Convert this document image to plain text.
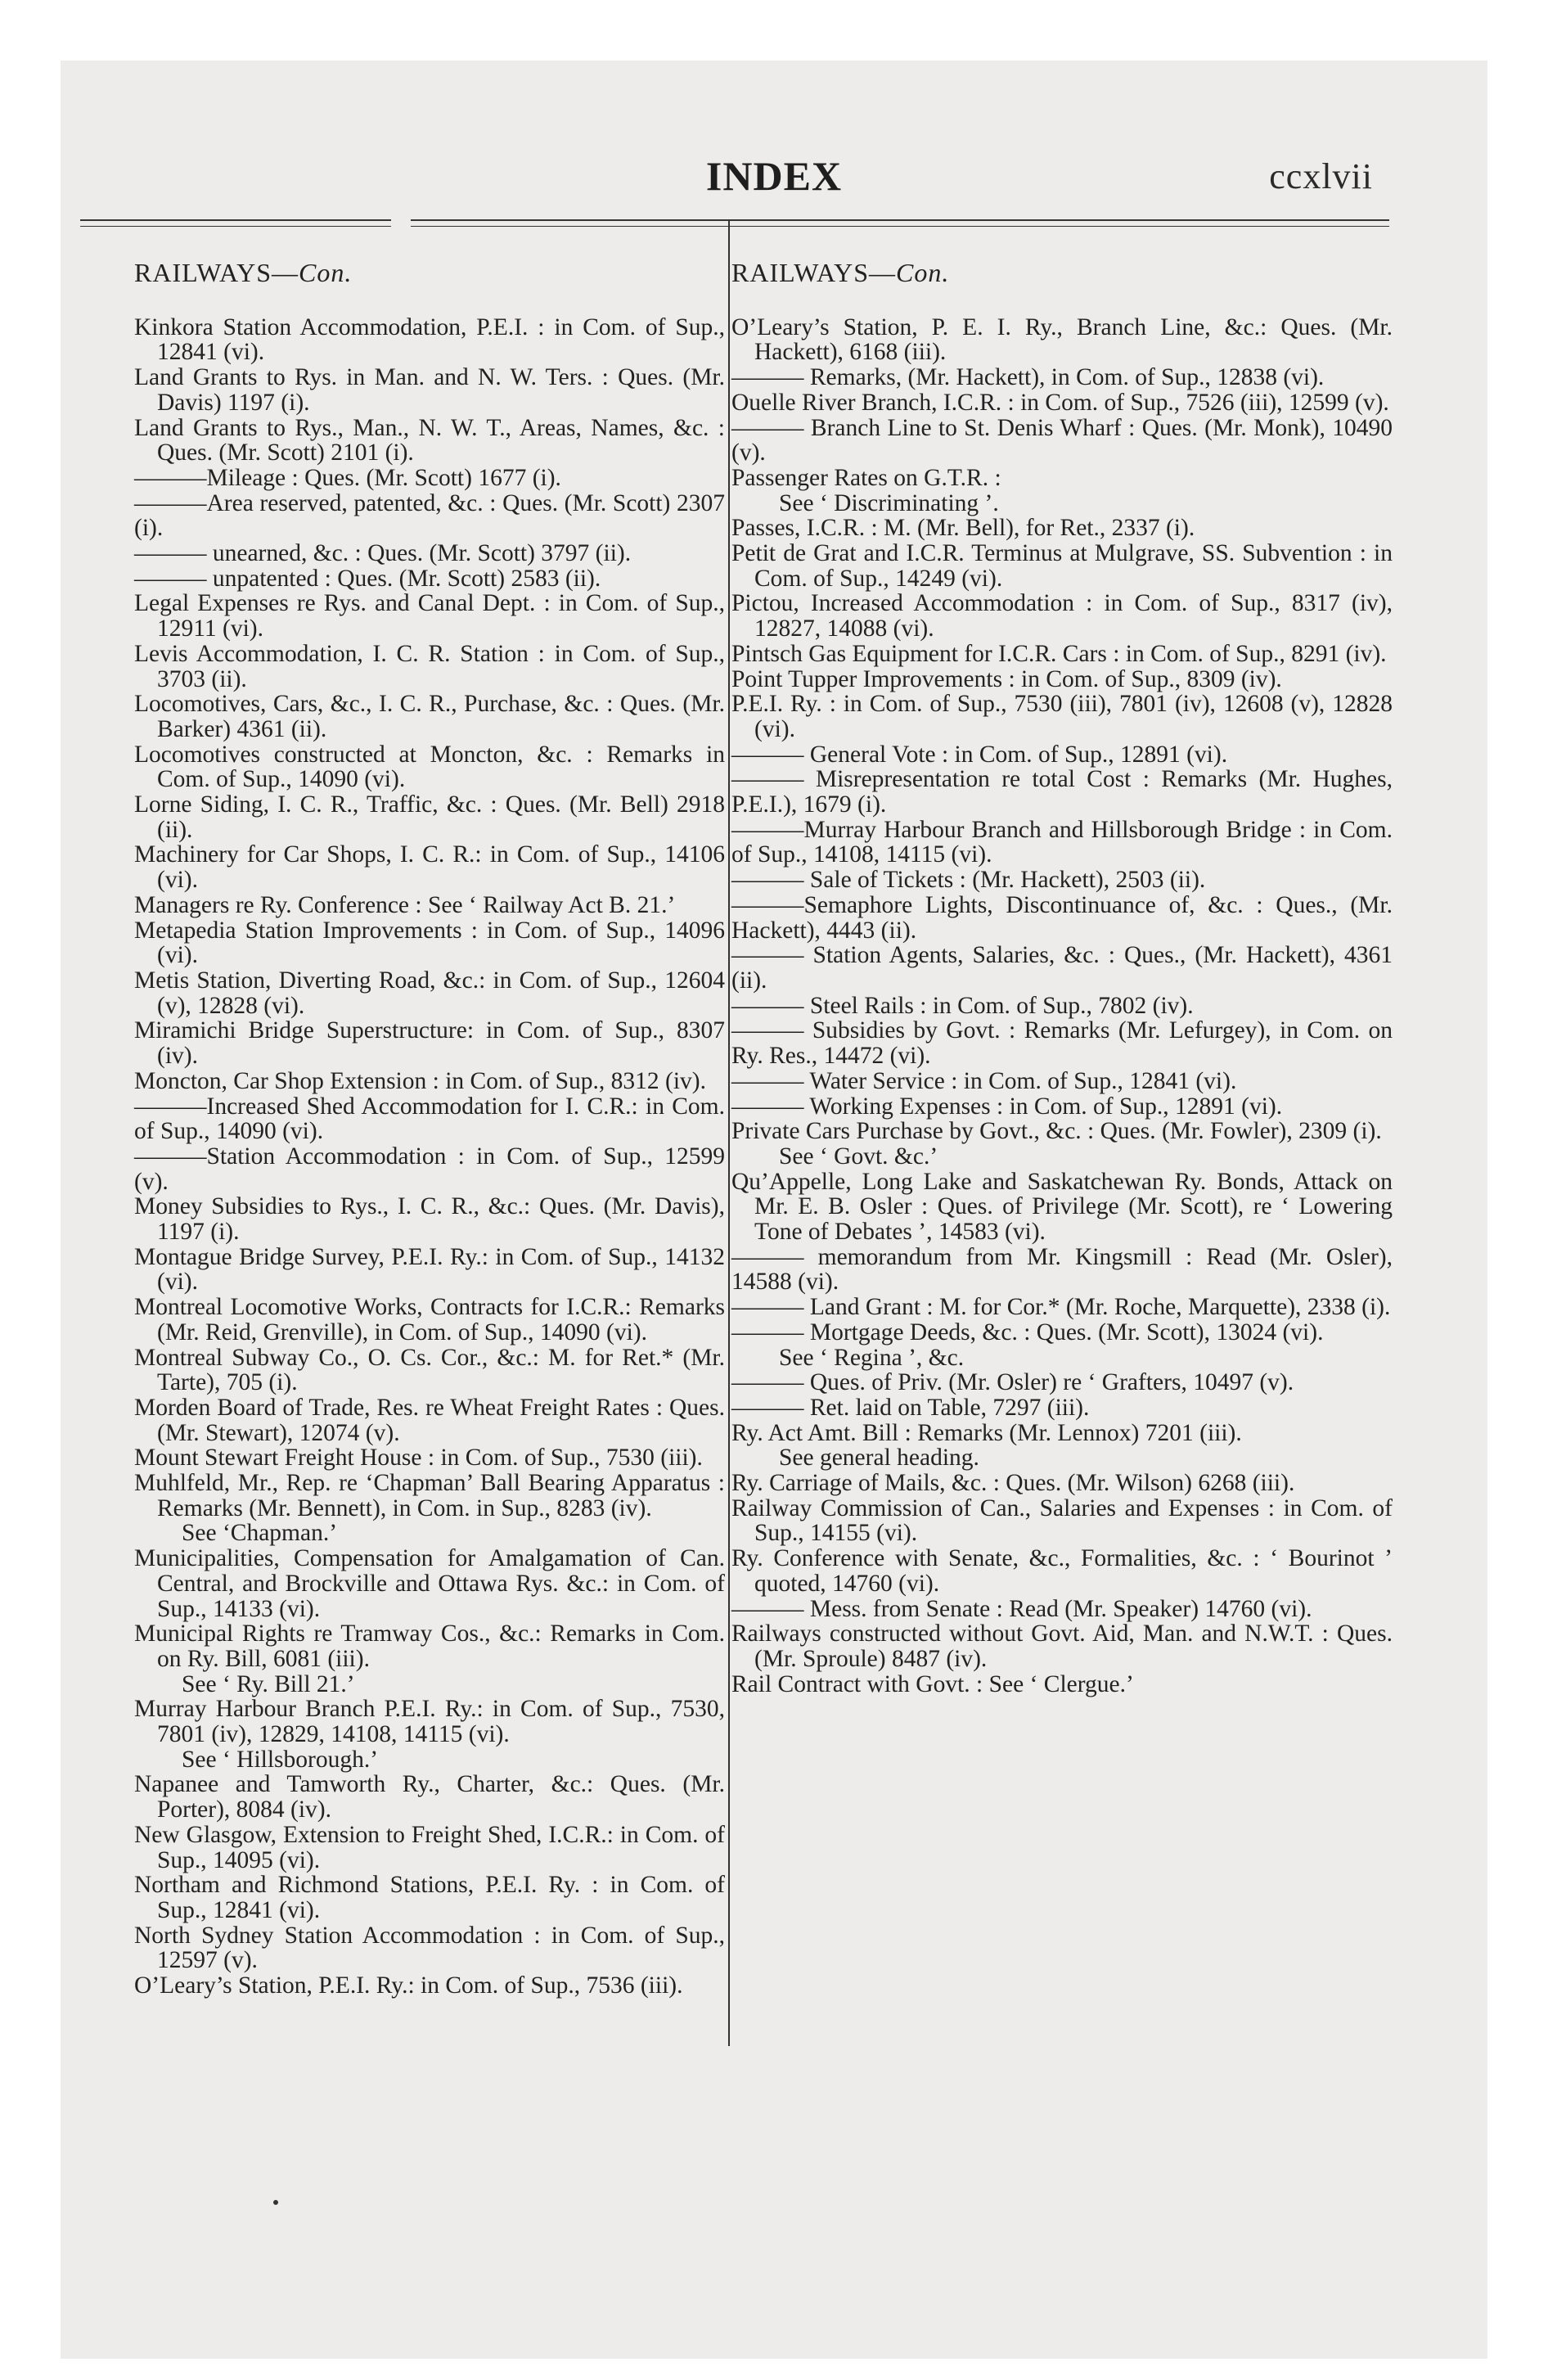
INDEX	ccxlvii
RAILWAYS—Con.
Kinkora Station Accommodation, P.E.I. : in Com. of Sup., 12841 (vi).
Land Grants to Rys. in Man. and N. W. Ters. : Ques. (Mr. Davis) 1197 (i).
Land Grants to Rys., Man., N. W. T., Areas, Names, &c. : Ques. (Mr. Scott) 2101 (i).
———Mileage : Ques. (Mr. Scott) 1677 (i).
———Area reserved, patented, &c. : Ques. (Mr. Scott) 2307 (i).
——— unearned, &c. : Ques. (Mr. Scott) 3797 (ii).
——— unpatented : Ques. (Mr. Scott) 2583 (ii).
Legal Expenses re Rys. and Canal Dept. : in Com. of Sup., 12911 (vi).
Levis Accommodation, I. C. R. Station : in Com. of Sup., 3703 (ii).
Locomotives, Cars, &c., I. C. R., Purchase, &c. : Ques. (Mr. Barker) 4361 (ii).
Locomotives constructed at Moncton, &c. : Remarks in Com. of Sup., 14090 (vi).
Lorne Siding, I. C. R., Traffic, &c. : Ques. (Mr. Bell) 2918 (ii).
Machinery for Car Shops, I. C. R.: in Com. of Sup., 14106 (vi).
Managers re Ry. Conference : See ‘ Railway Act B. 21.’
Metapedia Station Improvements : in Com. of Sup., 14096 (vi).
Metis Station, Diverting Road, &c.: in Com. of Sup., 12604 (v), 12828 (vi).
Miramichi Bridge Superstructure: in Com. of Sup., 8307 (iv).
Moncton, Car Shop Extension : in Com. of Sup., 8312 (iv).
———Increased Shed Accommodation for I. C.R.: in Com. of Sup., 14090 (vi).
———Station Accommodation : in Com. of Sup., 12599 (v).
Money Subsidies to Rys., I. C. R., &c.: Ques. (Mr. Davis), 1197 (i).
Montague Bridge Survey, P.E.I. Ry.: in Com. of Sup., 14132 (vi).
Montreal Locomotive Works, Contracts for I.C.R.: Remarks (Mr. Reid, Grenville), in Com. of Sup., 14090 (vi).
Montreal Subway Co., O. Cs. Cor., &c.: M. for Ret.* (Mr. Tarte), 705 (i).
Morden Board of Trade, Res. re Wheat Freight Rates : Ques. (Mr. Stewart), 12074 (v).
Mount Stewart Freight House : in Com. of Sup., 7530 (iii).
Muhlfeld, Mr., Rep. re ‘Chapman’ Ball Bearing Apparatus : Remarks (Mr. Bennett), in Com. in Sup., 8283 (iv).
See ‘Chapman.’
Municipalities, Compensation for Amalgamation of Can. Central, and Brockville and Ottawa Rys. &c.: in Com. of Sup., 14133 (vi).
Municipal Rights re Tramway Cos., &c.: Remarks in Com. on Ry. Bill, 6081 (iii).
See ‘ Ry. Bill 21.’
Murray Harbour Branch P.E.I. Ry.: in Com. of Sup., 7530, 7801 (iv), 12829, 14108, 14115 (vi).
See ‘ Hillsborough.’
Napanee and Tamworth Ry., Charter, &c.: Ques. (Mr. Porter), 8084 (iv).
New Glasgow, Extension to Freight Shed, I.C.R.: in Com. of Sup., 14095 (vi).
Northam and Richmond Stations, P.E.I. Ry. : in Com. of Sup., 12841 (vi).
North Sydney Station Accommodation : in Com. of Sup., 12597 (v).
O’Leary’s Station, P.E.I. Ry.: in Com. of Sup., 7536 (iii).
RAILWAYS—Con.
O’Leary’s Station, P. E. I. Ry., Branch Line, &c.: Ques. (Mr. Hackett), 6168 (iii).
——— Remarks, (Mr. Hackett), in Com. of Sup., 12838 (vi).
Ouelle River Branch, I.C.R. : in Com. of Sup., 7526 (iii), 12599 (v).
——— Branch Line to St. Denis Wharf : Ques. (Mr. Monk), 10490 (v).
Passenger Rates on G.T.R. :
See ‘ Discriminating ’.
Passes, I.C.R. : M. (Mr. Bell), for Ret., 2337 (i).
Petit de Grat and I.C.R. Terminus at Mulgrave, SS. Subvention : in Com. of Sup., 14249 (vi).
Pictou, Increased Accommodation : in Com. of Sup., 8317 (iv), 12827, 14088 (vi).
Pintsch Gas Equipment for I.C.R. Cars : in Com. of Sup., 8291 (iv).
Point Tupper Improvements : in Com. of Sup., 8309 (iv).
P.E.I. Ry. : in Com. of Sup., 7530 (iii), 7801 (iv), 12608 (v), 12828 (vi).
——— General Vote : in Com. of Sup., 12891 (vi).
——— Misrepresentation re total Cost : Remarks (Mr. Hughes, P.E.I.), 1679 (i).
———Murray Harbour Branch and Hillsborough Bridge : in Com. of Sup., 14108, 14115 (vi).
——— Sale of Tickets : (Mr. Hackett), 2503 (ii).
———Semaphore Lights, Discontinuance of, &c. : Ques., (Mr. Hackett), 4443 (ii).
——— Station Agents, Salaries, &c. : Ques., (Mr. Hackett), 4361 (ii).
——— Steel Rails : in Com. of Sup., 7802 (iv).
——— Subsidies by Govt. : Remarks (Mr. Lefurgey), in Com. on Ry. Res., 14472 (vi).
——— Water Service : in Com. of Sup., 12841 (vi).
——— Working Expenses : in Com. of Sup., 12891 (vi).
Private Cars Purchase by Govt., &c. : Ques. (Mr. Fowler), 2309 (i).
See ‘ Govt. &c.’
Qu’Appelle, Long Lake and Saskatchewan Ry. Bonds, Attack on Mr. E. B. Osler : Ques. of Privilege (Mr. Scott), re ‘ Lowering Tone of Debates ’, 14583 (vi).
——— memorandum from Mr. Kingsmill : Read (Mr. Osler), 14588 (vi).
——— Land Grant : M. for Cor.* (Mr. Roche, Marquette), 2338 (i).
——— Mortgage Deeds, &c. : Ques. (Mr. Scott), 13024 (vi).
See ‘ Regina ’, &c.
——— Ques. of Priv. (Mr. Osler) re ‘ Grafters, 10497 (v).
——— Ret. laid on Table, 7297 (iii).
Ry. Act Amt. Bill : Remarks (Mr. Lennox) 7201 (iii).
See general heading.
Ry. Carriage of Mails, &c. : Ques. (Mr. Wilson) 6268 (iii).
Railway Commission of Can., Salaries and Expenses : in Com. of Sup., 14155 (vi).
Ry. Conference with Senate, &c., Formalities, &c. : ‘ Bourinot ’ quoted, 14760 (vi).
——— Mess. from Senate : Read (Mr. Speaker) 14760 (vi).
Railways constructed without Govt. Aid, Man. and N.W.T. : Ques. (Mr. Sproule) 8487 (iv).
Rail Contract with Govt. : See ‘ Clergue.’
